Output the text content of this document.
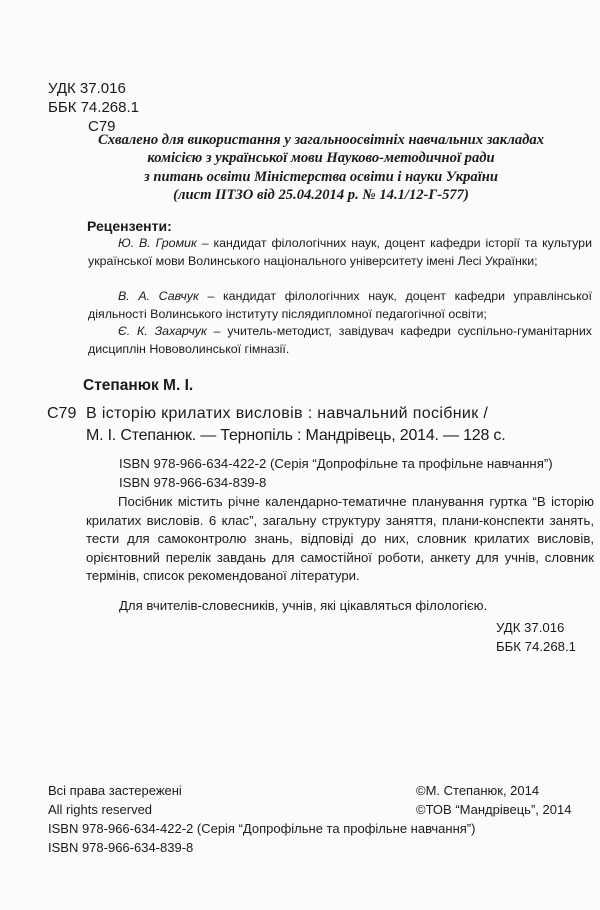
УДК 37.016
ББК 74.268.1
С79
Схвалено для використання у загальноосвітніх навчальних закладах
комісією з української мови Науково-методичної ради
з питань освіти Міністерства освіти і науки України
(лист ІІТЗО від 25.04.2014 р. № 14.1/12-Г-577)
Рецензенти:
Ю. В. Громик – кандидат філологічних наук, доцент кафедри історії та культури української мови Волинського національного університету імені Лесі Українки;
В. А. Савчук – кандидат філологічних наук, доцент кафедри управлінської діяльності Волинського інституту післядипломної педагогічної освіти;
Є. К. Захарчук – учитель-методист, завідувач кафедри суспільно-гуманітарних дисциплін Нововолинської гімназії.
Степанюк М. І.
С79 В історію крилатих висловів : навчальний посібник /
М. І. Степанюк. — Тернопіль : Мандрівець, 2014. — 128 с.
ISBN 978-966-634-422-2 (Серія “Допрофільне та профільне навчання”)
ISBN 978-966-634-839-8
Посібник містить річне календарно-тематичне планування гуртка “В історію крилатих висловів. 6 клас”, загальну структуру заняття, плани-конспекти занять, тести для самоконтролю знань, відповіді до них, словник крилатих висловів, орієнтовний перелік завдань для самостійної роботи, анкету для учнів, словник термінів, список рекомендованої літератури.
Для вчителів-словесників, учнів, які цікавляться філологією.
УДК 37.016
ББК 74.268.1
Всі права застережені
All rights reserved
©М. Степанюк, 2014
©ТОВ “Мандрівець”, 2014
ISBN 978-966-634-422-2 (Серія “Допрофільне та профільне навчання”)
ISBN 978-966-634-839-8
